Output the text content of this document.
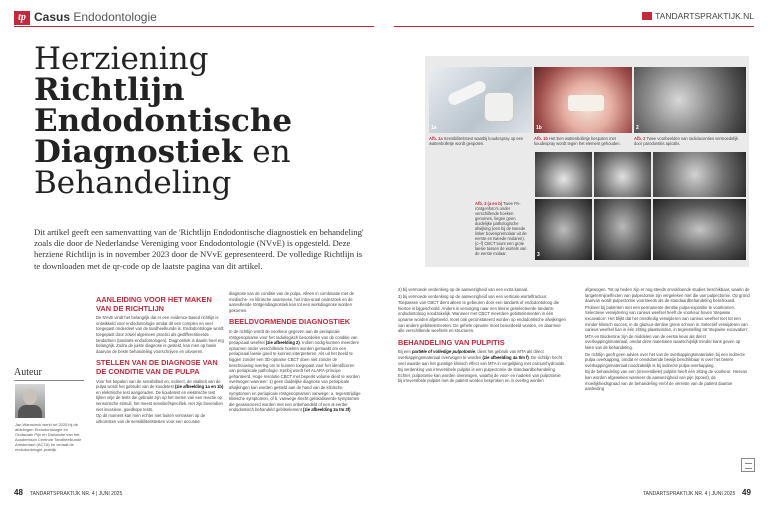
tp Casus Endodontologie	TANDARTSPRAKTIJK.NL
Herziening
Richtlijn
Endodontische
Diagnostiek en
Behandeling
Dit artikel geeft een samenvatting van de 'Richtlijn Endodontische diagnostiek en behandeling' zoals die door de Nederlandse Vereniging voor Endodontologie (NVvE) is opgesteld. Deze herziene Richtlijn is in november 2023 door de NVvE gepresenteerd. De volledige Richtlijn is te downloaden met de qr-code op de laatste pagina van dit artikel.
Auteur
Jan Warnsinck werkt tot 2025 bij de afdelingen Endodontologie en Orofaciale Pijn en Disfunctie van het Academisch Centrum Tandheelkunde Amsterdam (ACTA) en verlaat de endodontologie-praktijk
AANLEIDING VOOR HET MAKEN VAN DE RICHTLIJN

De NVvE vindt het belangrijk dat er een evidence-based richtlijn is ontwikkeld voor endodontologie omdat dit een complex en veel toegepast onderdeel van de tandheelkunde is. Endodontologie wordt toegepast door zowel algemeen practici als gedifferentieerde tandartsen (tandarts-endodontologen). Diagnostiek is daarin heel erg belangrijk. Zodra de juiste diagnose is gesteld, kan men op basis daarvan de beste behandeling voorschrijven en uitvoeren.

STELLEN VAN DE DIAGNOSE VAN DE CONDITIE VAN DE PULPA

Voor het bepalen van de sensibiliteit en, indirect, de vitaliteit van de pulpa wordt het gebruikt van de koudetest (zie afbeelding 1a en 1b) en elektrische test aangeraden. De koudetest en elektrische test tijken vrije de tests die gebruikt zijn op het meten van een reactie op sensorische stimuli, het meest sensitief/specifiek. Het zijn bovendien niet invasieve, goedkope tests.

Op dit moment kan men echter niet buiten verrassen op de uitkomsten van de sensibiliteitstesten voor een accurate

diagnose van de conditie van de pulpa. Alleen in combinatie met de medische- en klinische anamnese, het intra-oraal onderzoek en de aanvullende röntgendiagnostiek kan tot een werkdiagnose worden gekomen.

BEELDVORMENDE DIAGNOSTIEK

In de richtlijn wordt de voorkeur gegeven aan de periapicale röntgenopname voor het radiologisch beoordelen van de conditie van periapicaal weefsel (zie afbeelding 2). Indien nodig kunnen meerdere opnamen onder verschillende hoeken worden gemaakt om een periapicaal laesie goed te kunnen interpreteren. Als uit het beeld te kiggen zonder een 3D-opname CBCT doen niet zonder de beschouwing overleg om te kunnen toegepast voor het identificeren van periapicale pathologie. Kenbij wordt het ALARA-principe gehanteerd. Hoge resolutie CBCT met beperkt volume dient te worden overwogen wanneer: 1) geen duidelijke diagnose van periapicale afwijkingen kan worden gesteld aan de hand van de klinische symptomen en periapicale röntgenopnamen vanwege: a. tegenstrijdige klinische symptomen, of b. vanwege slecht gelokaliseerde symptomen die geassocieerd worden met een onbehandeld of een al eerder endodontisch behandeld gebitselement (zie afbeelding 3a tm 3f)

1a	1b	2
Afb. 1a Sensibiliteitstest waarbij koudespray op een wattenbolletje wordt gespoten.
Afb. 1b Het Een wattenbolletje bespoten met koudespray wordt tegen het element gehouden.
Afb. 2 Twee voorbeelden van radiolucenties vermoedelijk door parodontitis apicalis.
3
Afb. 3 (a en b) Twee PA-röntgenfoto's onder verschillende hoeken genomen, liegen geen duidelijke pathologische afwijking (een bij de tweede linker bovenpremolaar uit de eerste en tweede molaren). (c–f) CBCT toont een grote laesie tussen de wortels van de eerste molaar.

2) bij vermoede verdenking op de aanwezigheid van een extra kanaal.

3) bij vermoede verdenking op de aanwezigheid van een verticale wortelfractuur.

Toepassen van CBCT dient alleen te gebeuren door een tandarts of endodontoloog die hiertoe is bijgeschoold. Anders is vervolging naar een kleine geselecteerde tandarts-endodontoloog noodzakelijk. Wanneer met CBCT meerdere gebitselementen in één opname worden afgebeeld, moet ook geconstateerd worden op endodontische afwijkingen van andere gebitselementen. De gehele opname moet beoordeeld worden, en daarmee alle verschillende weefsels en structuren.

BEHANDELING VAN PULPITIS

Bij een partiële of volledige pulpotomie, dient het gebruik van MTA als direct overkappingsmateriaal overwogen te worden (zie afbeelding 4a t/m f). De richtlijn hecht veel waarde aan het gunstige klinisch effect van MTA in vergelijking met calciumhydroxide.

Bij verdenking van irreversibele pulpitis is een pulpectomie de standaardbehandeling. Echter, pulpotomie kan worden overwogen, waarbij de voor- en nadelen van pulpotomie bij irreversibele pulpitis met de patiënt worden besproken en in overleg worden

afgewogen. Tot op heden zijn er nog steeds onvoldoende studies beschikbaar, waarin de langetermijneffecten van pulpectomie zijn vergeleken met die van pulpectomie. Op grond daarvan wordt pulpectomie voorsteeds als de standaardbehandeling beschouwd.

Probeer bij patiënten met een permanente dentitie pulpa-expositie te voorkomen. Selectieve verwijdering van carieus weefsel heeft de voorkeur boven 'stepwise excavation'. Het blijkt dat het onvolledig verwijderen van carieus weefsel met tot een minder klinisch succes, in de glazuur-dentine grens schoon is. Selectief verwijderen van carieus weefsel kan in één zitting plaatsvinden, in tegenstelling tot 'stepwise excavation'.

MTA en Biodentine zijn de middelen van de eerste keus als direct overkappingsmateriaal, omdat deze materialen waarschijnlijk minder kans geven op falen van de behandeling.

De richtlijn geeft geen advies over het van de overkappingsmaterialen bij een indirecte pulpa overkapping, omdat er onvoldoende bewijs beschikbaar is over het betere overkappingsmateriaal noodzakelijk is bij indirecte pulpa-overkapping.

Bij de behandeling van een (irreversibele) pulpitis heeft één zitting de voorkeur. Hiervan kan worden afgeweken wanneer de aanwezigheid van pijn (spoed), de moeilijkheidsgraad van de behandeling en/of de vereiste van de patiënt daartoe aanleiding

48 TANDARTSPRAKTIJK NR. 4 | JUNI 2025	TANDARTSPRAKTIJK NR. 4 | JUNI 2025 49
